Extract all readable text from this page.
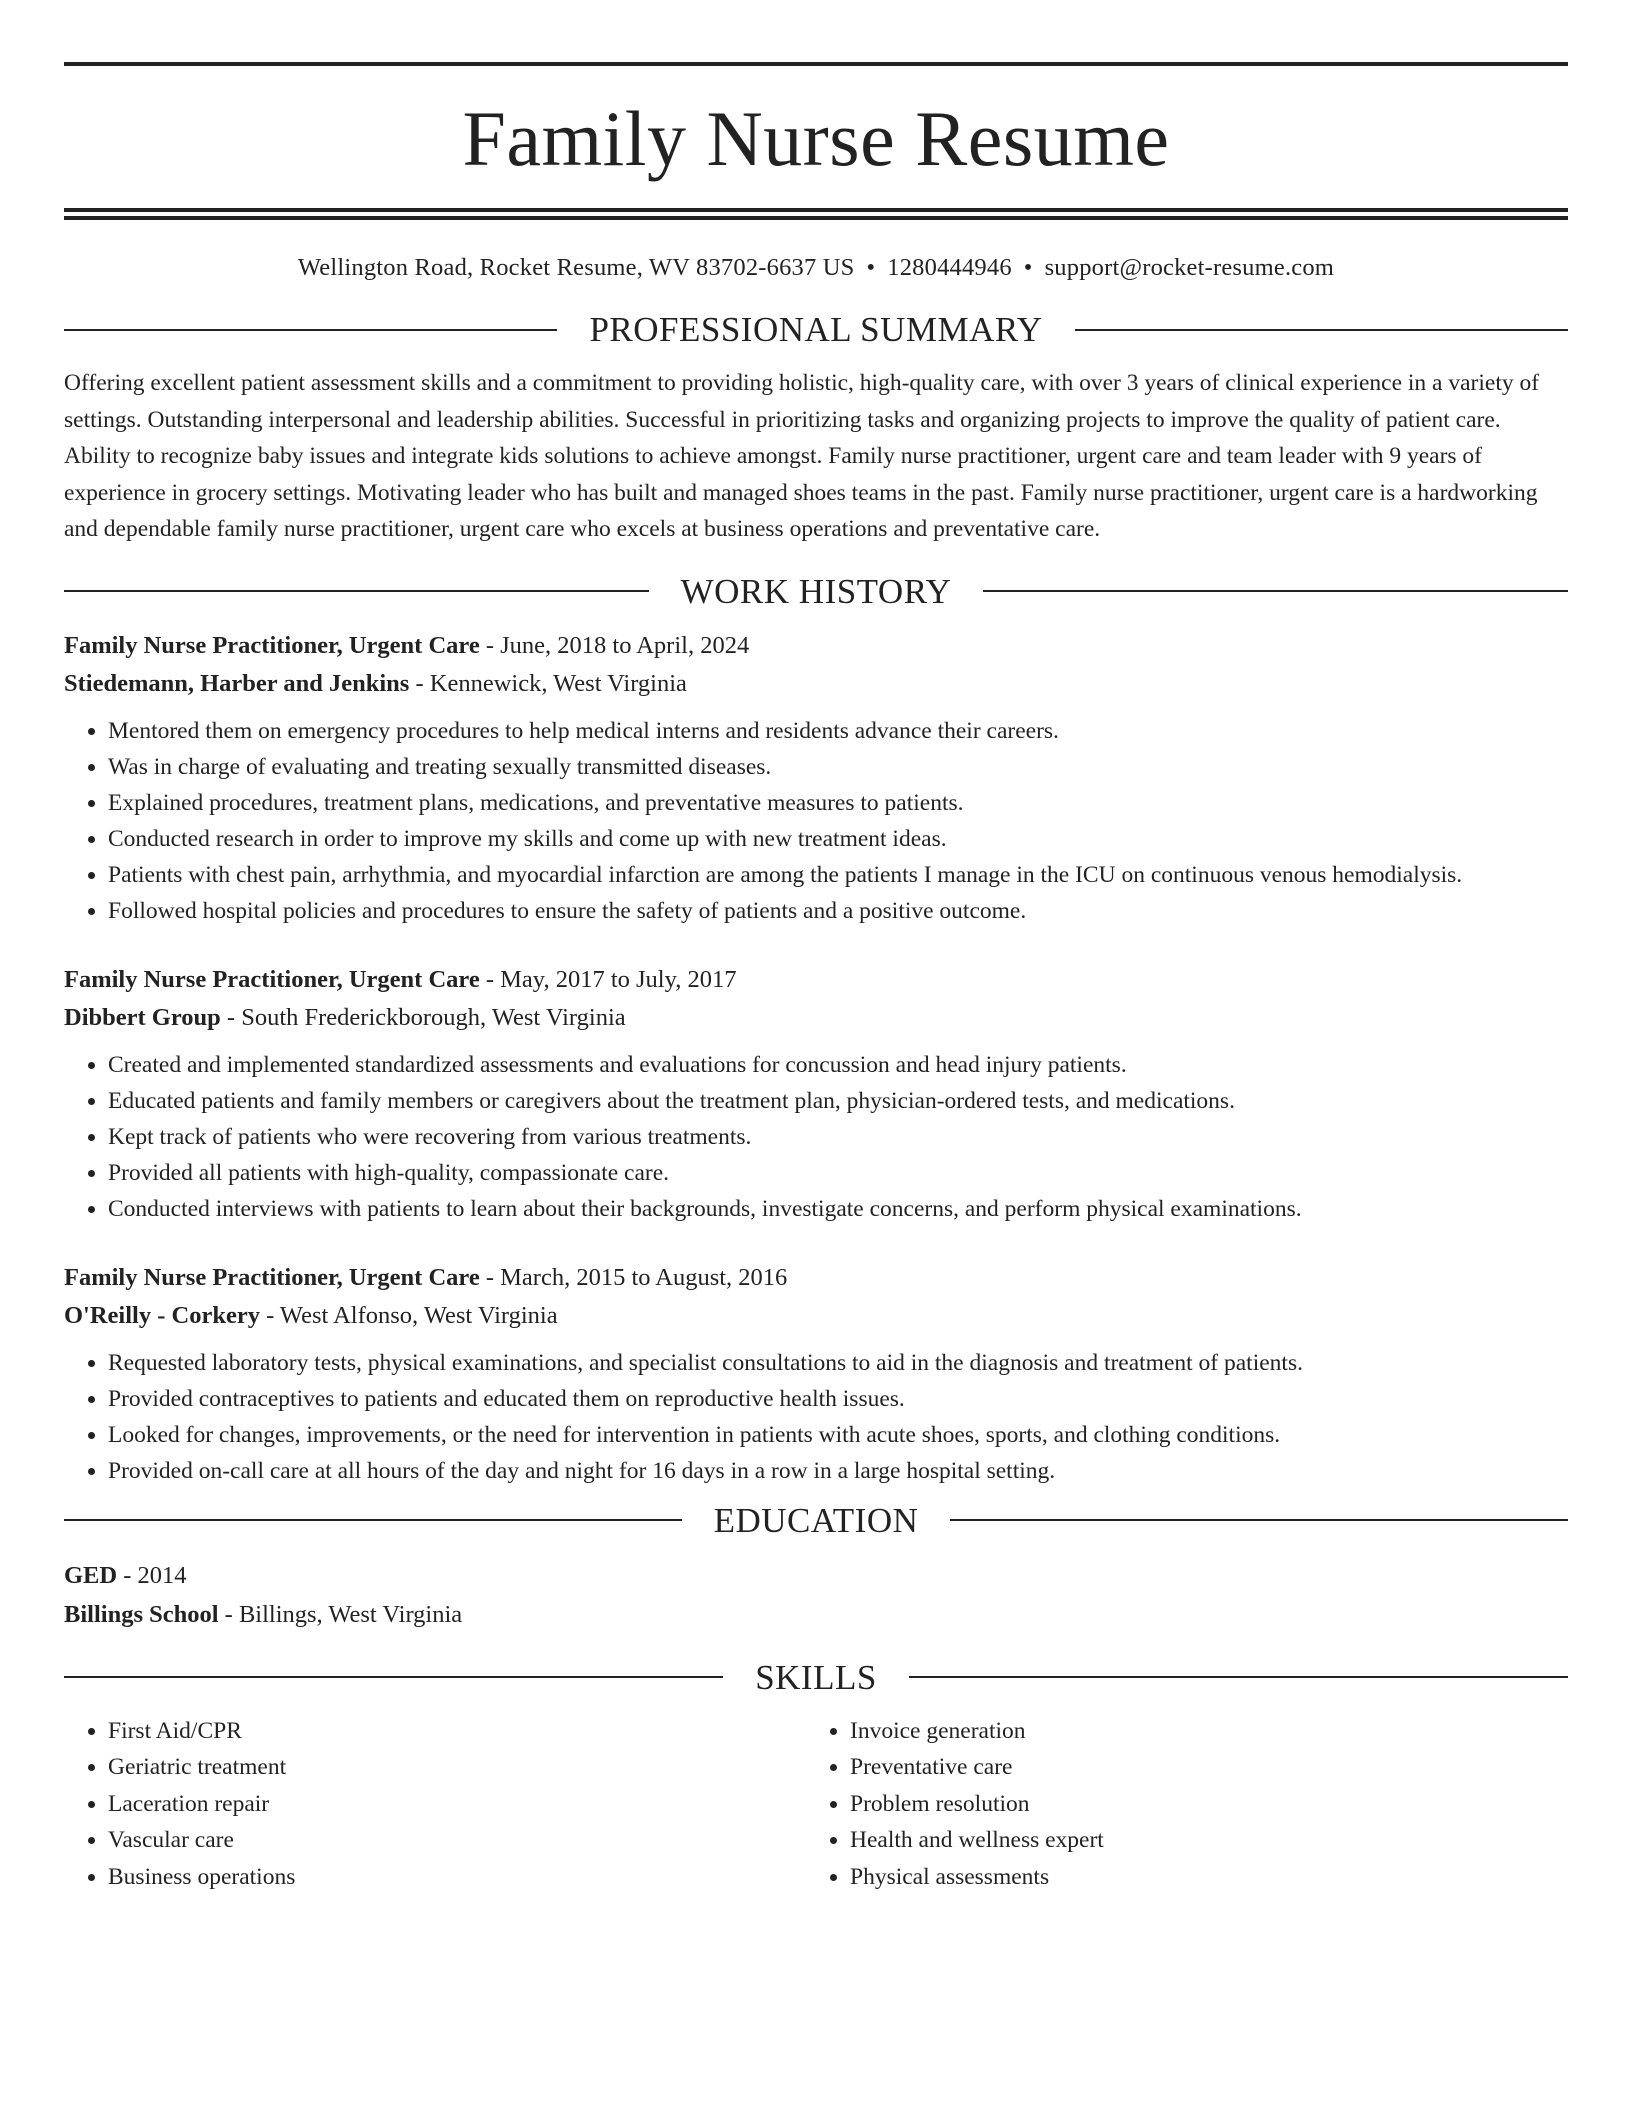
Family Nurse Resume
Wellington Road, Rocket Resume, WV 83702-6637 US • 1280444946 • support@rocket-resume.com
PROFESSIONAL SUMMARY

Offering excellent patient assessment skills and a commitment to providing holistic, high-quality care, with over 3 years of clinical experience in a variety of settings. Outstanding interpersonal and leadership abilities. Successful in prioritizing tasks and organizing projects to improve the quality of patient care. Ability to recognize baby issues and integrate kids solutions to achieve amongst. Family nurse practitioner, urgent care and team leader with 9 years of experience in grocery settings. Motivating leader who has built and managed shoes teams in the past. Family nurse practitioner, urgent care is a hardworking and dependable family nurse practitioner, urgent care who excels at business operations and preventative care.

WORK HISTORY
Family Nurse Practitioner, Urgent Care - June, 2018 to April, 2024
Stiedemann, Harber and Jenkins - Kennewick, West Virginia
• Mentored them on emergency procedures to help medical interns and residents advance their careers.
• Was in charge of evaluating and treating sexually transmitted diseases.
• Explained procedures, treatment plans, medications, and preventative measures to patients.
• Conducted research in order to improve my skills and come up with new treatment ideas.
• Patients with chest pain, arrhythmia, and myocardial infarction are among the patients I manage in the ICU on continuous venous hemodialysis.
• Followed hospital policies and procedures to ensure the safety of patients and a positive outcome.
Family Nurse Practitioner, Urgent Care - May, 2017 to July, 2017
Dibbert Group - South Frederickborough, West Virginia
• Created and implemented standardized assessments and evaluations for concussion and head injury patients.
• Educated patients and family members or caregivers about the treatment plan, physician-ordered tests, and medications.
• Kept track of patients who were recovering from various treatments.
• Provided all patients with high-quality, compassionate care.
• Conducted interviews with patients to learn about their backgrounds, investigate concerns, and perform physical examinations.
Family Nurse Practitioner, Urgent Care - March, 2015 to August, 2016
O'Reilly - Corkery - West Alfonso, West Virginia
• Requested laboratory tests, physical examinations, and specialist consultations to aid in the diagnosis and treatment of patients.
• Provided contraceptives to patients and educated them on reproductive health issues.
• Looked for changes, improvements, or the need for intervention in patients with acute shoes, sports, and clothing conditions.
• Provided on-call care at all hours of the day and night for 16 days in a row in a large hospital setting.
EDUCATION
GED - 2014
Billings School - Billings, West Virginia
SKILLS
• First Aid/CPR
• Geriatric treatment
• Laceration repair
• Vascular care
• Business operations
• Invoice generation
• Preventative care
• Problem resolution
• Health and wellness expert
• Physical assessments
